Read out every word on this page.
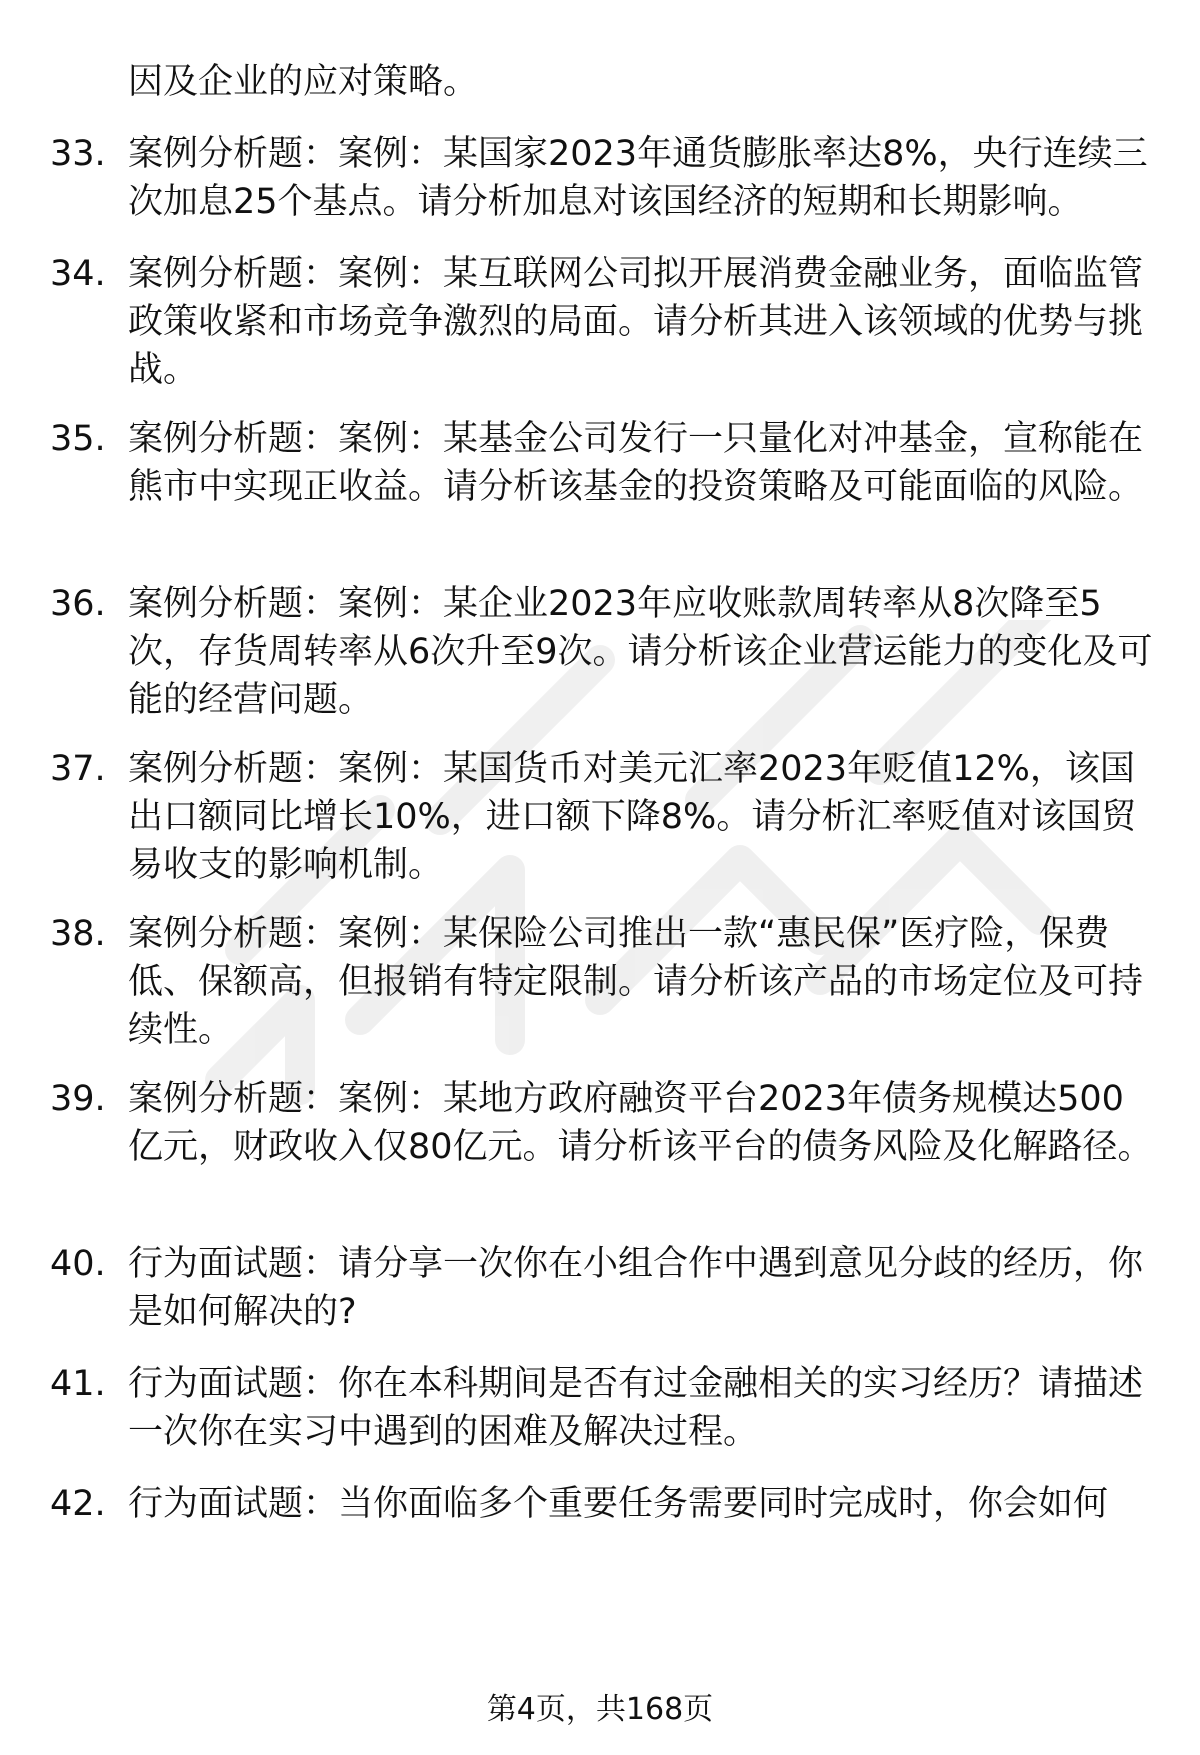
因及企业的应对策略。
33. 案例分析题：案例：某国家2023年通货膨胀率达8%，央行连续三次加息25个基点。请分析加息对该国经济的短期和长期影响。
34. 案例分析题：案例：某互联网公司拟开展消费金融业务，面临监管政策收紧和市场竞争激烈的局面。请分析其进入该领域的优势与挑战。
35. 案例分析题：案例：某基金公司发行一只量化对冲基金，宣称能在熊市中实现正收益。请分析该基金的投资策略及可能面临的风险。
36. 案例分析题：案例：某企业2023年应收账款周转率从8次降至5次，存货周转率从6次升至9次。请分析该企业营运能力的变化及可能的经营问题。
37. 案例分析题：案例：某国货币对美元汇率2023年贬值12%，该国出口额同比增长10%，进口额下降8%。请分析汇率贬值对该国贸易收支的影响机制。
38. 案例分析题：案例：某保险公司推出一款“惠民保”医疗险，保费低、保额高，但报销有特定限制。请分析该产品的市场定位及可持续性。
39. 案例分析题：案例：某地方政府融资平台2023年债务规模达500亿元，财政收入仅80亿元。请分析该平台的债务风险及化解路径。
40. 行为面试题：请分享一次你在小组合作中遇到意见分歧的经历，你是如何解决的?
41. 行为面试题：你在本科期间是否有过金融相关的实习经历？请描述一次你在实习中遇到的困难及解决过程。
42. 行为面试题：当你面临多个重要任务需要同时完成时，你会如何
第4页，共168页
